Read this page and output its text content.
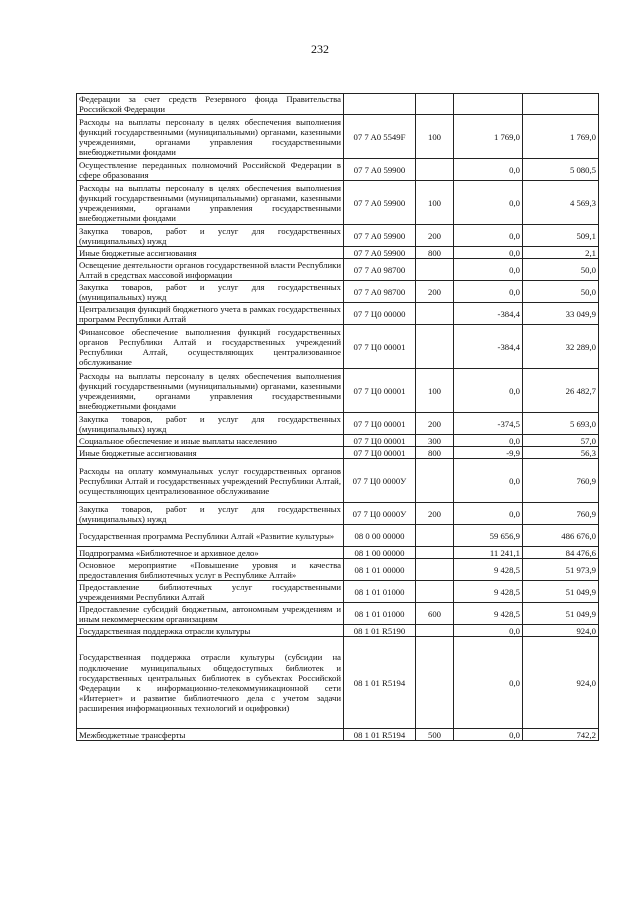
232
Федерации за счет средств Резервного фонда Правительства Российской Федерации				
Расходы на выплаты персоналу в целях обеспечения выполнения функций государственными (муниципальными) органами, казенными учреждениями, органами управления государственными внебюджетными фондами	07 7 A0 5549F	100	1 769,0	1 769,0
Осуществление переданных полномочий Российской Федерации в сфере образования	07 7 A0 59900		0,0	5 080,5
Расходы на выплаты персоналу в целях обеспечения выполнения функций государственными (муниципальными) органами, казенными учреждениями, органами управления государственными внебюджетными фондами	07 7 A0 59900	100	0,0	4 569,3
Закупка товаров, работ и услуг для государственных (муниципальных) нужд	07 7 A0 59900	200	0,0	509,1
Иные бюджетные ассигнования	07 7 A0 59900	800	0,0	2,1
Освещение деятельности органов государственной власти Республики Алтай в средствах массовой информации	07 7 A0 98700		0,0	50,0
Закупка товаров, работ и услуг для государственных (муниципальных) нужд	07 7 A0 98700	200	0,0	50,0
Централизация функций бюджетного учета в рамках государственных программ Республики Алтай	07 7 Ц0 00000		-384,4	33 049,9
Финансовое обеспечение выполнения функций государственных органов Республики Алтай и государственных учреждений Республики Алтай, осуществляющих централизованное обслуживание	07 7 Ц0 00001		-384,4	32 289,0
Расходы на выплаты персоналу в целях обеспечения выполнения функций государственными (муниципальными) органами, казенными учреждениями, органами управления государственными внебюджетными фондами	07 7 Ц0 00001	100	0,0	26 482,7
Закупка товаров, работ и услуг для государственных (муниципальных) нужд	07 7 Ц0 00001	200	-374,5	5 693,0
Социальное обеспечение и иные выплаты населению	07 7 Ц0 00001	300	0,0	57,0
Иные бюджетные ассигнования	07 7 Ц0 00001	800	-9,9	56,3
Расходы на оплату коммунальных услуг государственных органов Республики Алтай и государственных учреждений Республики Алтай, осуществляющих централизованное обслуживание	07 7 Ц0 0000У		0,0	760,9
Закупка товаров, работ и услуг для государственных (муниципальных) нужд	07 7 Ц0 0000У	200	0,0	760,9
Государственная программа Республики Алтай «Развитие культуры»	08 0 00 00000		59 656,9	486 676,0
Подпрограмма «Библиотечное и архивное дело»	08 1 00 00000		11 241,1	84 476,6
Основное мероприятие «Повышение уровня и качества предоставления библиотечных услуг в Республике Алтай»	08 1 01 00000		9 428,5	51 973,9
Предоставление библиотечных услуг государственными учреждениями Республики Алтай	08 1 01 01000		9 428,5	51 049,9
Предоставление субсидий бюджетным, автономным учреждениям и иным некоммерческим организациям	08 1 01 01000	600	9 428,5	51 049,9
Государственная поддержка отрасли культуры	08 1 01 R5190		0,0	924,0
Государственная поддержка отрасли культуры (субсидии на подключение муниципальных общедоступных библиотек и государственных центральных библиотек в субъектах Российской Федерации к информационно-телекоммуникационной сети «Интернет» и развитие библиотечного дела с учетом задачи расширения информационных технологий и оцифровки)	08 1 01 R5194		0,0	924,0
Межбюджетные трансферты	08 1 01 R5194	500	0,0	742,2
